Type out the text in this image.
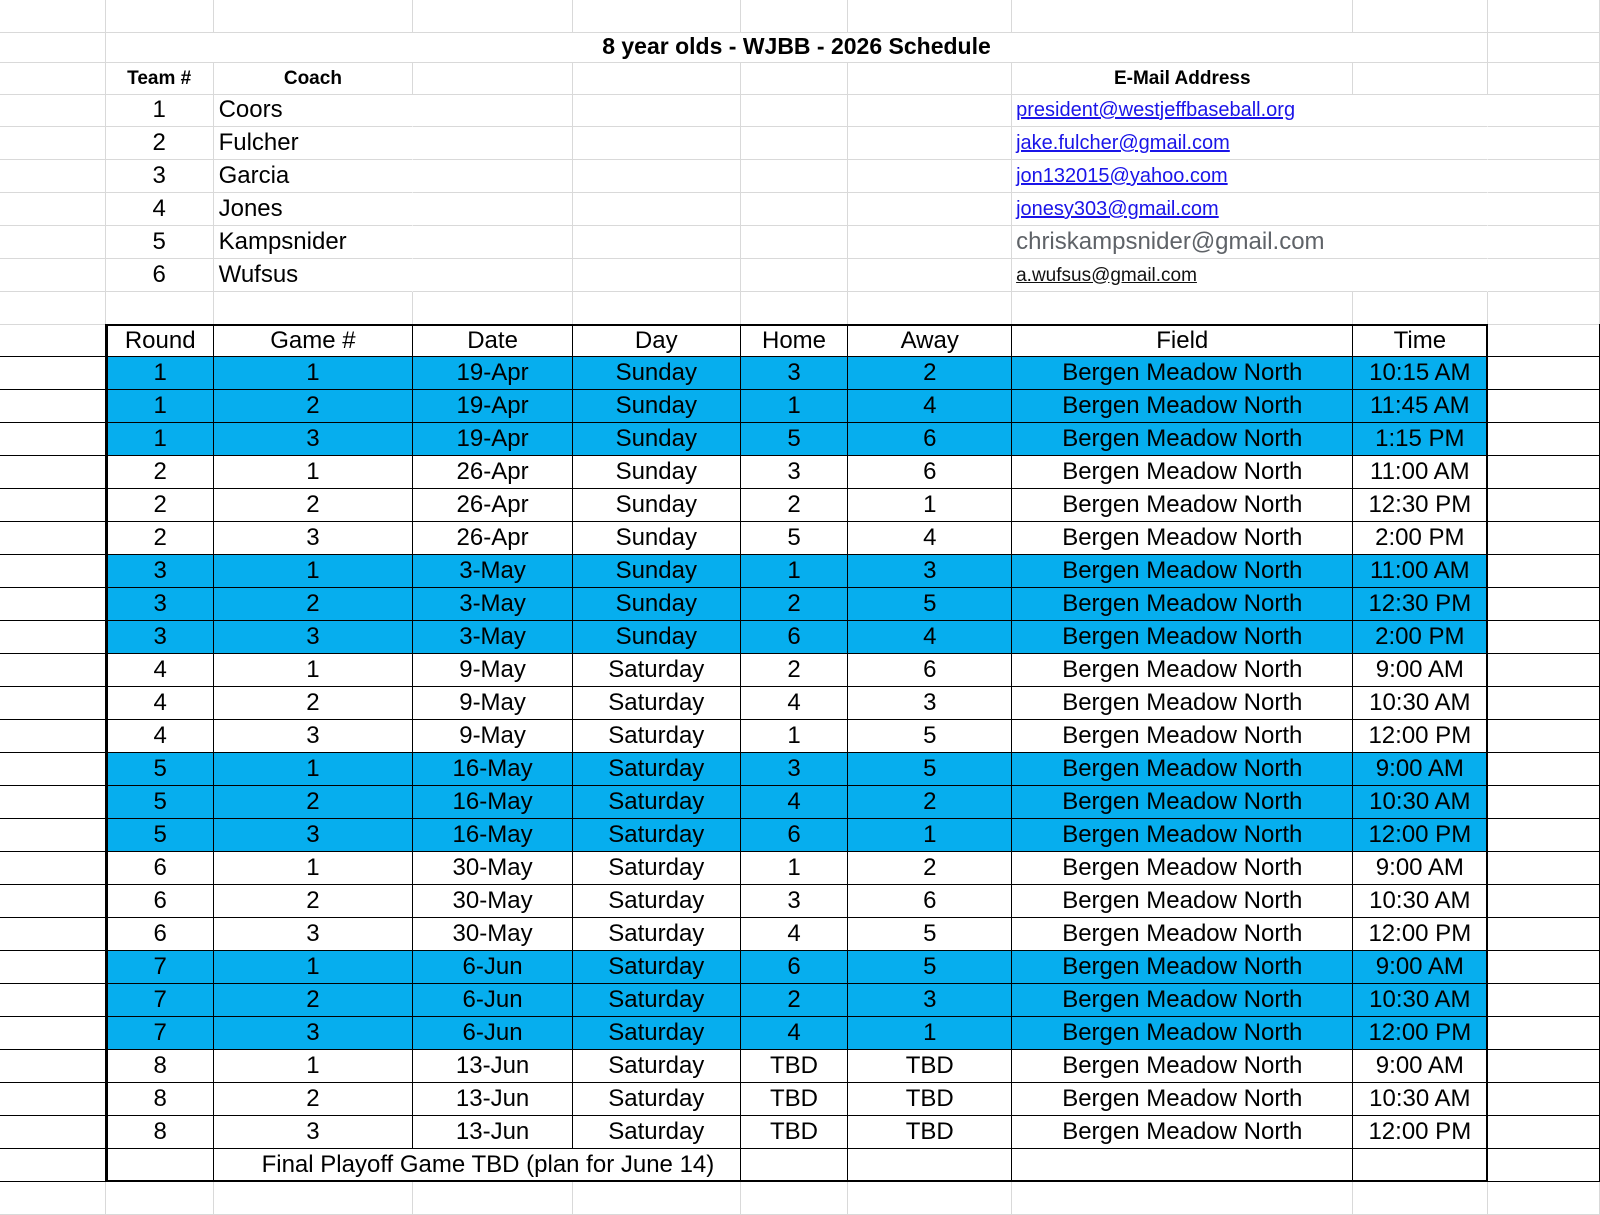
8 year olds - WJBB - 2026 Schedule
Team #	Coach	E-Mail Address
1	Coors	president@westjeffbaseball.org
2	Fulcher	jake.fulcher@gmail.com
3	Garcia	jon132015@yahoo.com
4	Jones	jonesy303@gmail.com
5	Kampsnider	chriskampsnider@gmail.com
6	Wufsus	a.wufsus@gmail.com
Round	Game #	Date	Day	Home	Away	Field	Time
1	1	19-Apr	Sunday	3	2	Bergen Meadow North	10:15 AM
1	2	19-Apr	Sunday	1	4	Bergen Meadow North	11:45 AM
1	3	19-Apr	Sunday	5	6	Bergen Meadow North	1:15 PM
2	1	26-Apr	Sunday	3	6	Bergen Meadow North	11:00 AM
2	2	26-Apr	Sunday	2	1	Bergen Meadow North	12:30 PM
2	3	26-Apr	Sunday	5	4	Bergen Meadow North	2:00 PM
3	1	3-May	Sunday	1	3	Bergen Meadow North	11:00 AM
3	2	3-May	Sunday	2	5	Bergen Meadow North	12:30 PM
3	3	3-May	Sunday	6	4	Bergen Meadow North	2:00 PM
4	1	9-May	Saturday	2	6	Bergen Meadow North	9:00 AM
4	2	9-May	Saturday	4	3	Bergen Meadow North	10:30 AM
4	3	9-May	Saturday	1	5	Bergen Meadow North	12:00 PM
5	1	16-May	Saturday	3	5	Bergen Meadow North	9:00 AM
5	2	16-May	Saturday	4	2	Bergen Meadow North	10:30 AM
5	3	16-May	Saturday	6	1	Bergen Meadow North	12:00 PM
6	1	30-May	Saturday	1	2	Bergen Meadow North	9:00 AM
6	2	30-May	Saturday	3	6	Bergen Meadow North	10:30 AM
6	3	30-May	Saturday	4	5	Bergen Meadow North	12:00 PM
7	1	6-Jun	Saturday	6	5	Bergen Meadow North	9:00 AM
7	2	6-Jun	Saturday	2	3	Bergen Meadow North	10:30 AM
7	3	6-Jun	Saturday	4	1	Bergen Meadow North	12:00 PM
8	1	13-Jun	Saturday	TBD	TBD	Bergen Meadow North	9:00 AM
8	2	13-Jun	Saturday	TBD	TBD	Bergen Meadow North	10:30 AM
8	3	13-Jun	Saturday	TBD	TBD	Bergen Meadow North	12:00 PM
Final Playoff Game TBD (plan for June 14)
